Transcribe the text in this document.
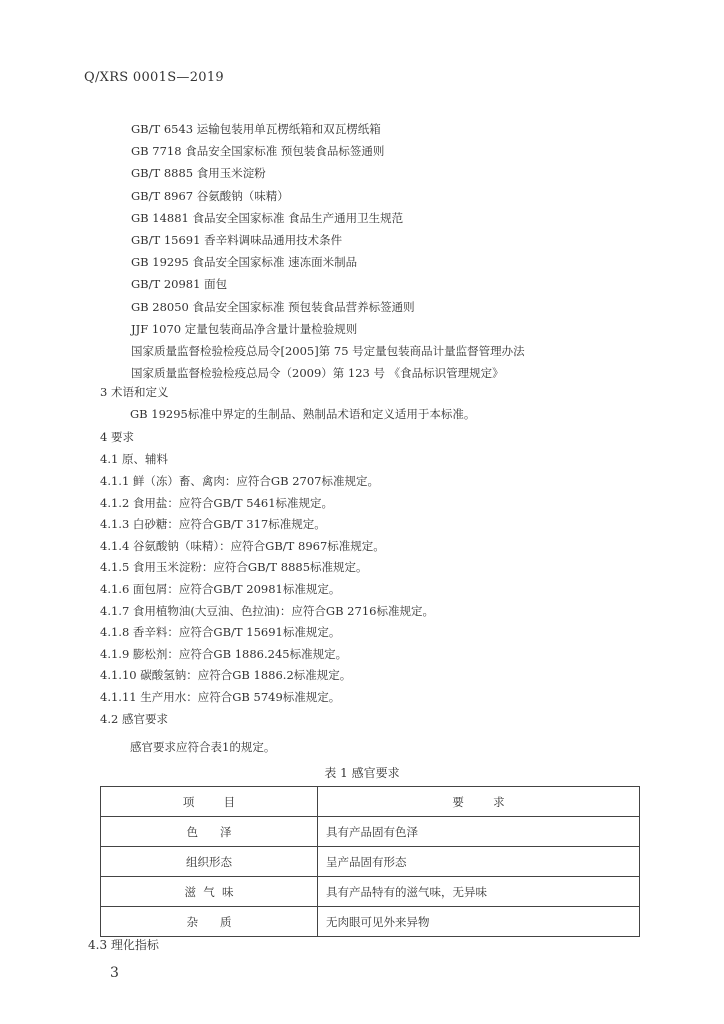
Q/XRS 0001S—2019
GB/T 6543 运输包装用单瓦楞纸箱和双瓦楞纸箱
GB 7718 食品安全国家标准 预包装食品标签通则
GB/T 8885 食用玉米淀粉
GB/T 8967 谷氨酸钠（味精）
GB 14881 食品安全国家标准 食品生产通用卫生规范
GB/T 15691 香辛料调味品通用技术条件
GB 19295 食品安全国家标准 速冻面米制品
GB/T 20981 面包
GB 28050 食品安全国家标准 预包装食品营养标签通则
JJF 1070 定量包装商品净含量计量检验规则
国家质量监督检验检疫总局令[2005]第 75 号定量包装商品计量监督管理办法
国家质量监督检验检疫总局令（2009）第 123 号 《食品标识管理规定》
3 术语和定义
GB 19295标准中界定的生制品、熟制品术语和定义适用于本标准。
4 要求
4.1 原、辅料
4.1.1 鲜（冻）畜、禽肉：应符合GB 2707标准规定。
4.1.2 食用盐：应符合GB/T 5461标准规定。
4.1.3 白砂糖：应符合GB/T 317标准规定。
4.1.4 谷氨酸钠（味精）：应符合GB/T 8967标准规定。
4.1.5 食用玉米淀粉：应符合GB/T 8885标准规定。
4.1.6 面包屑：应符合GB/T 20981标准规定。
4.1.7 食用植物油(大豆油、色拉油)：应符合GB 2716标准规定。
4.1.8 香辛料：应符合GB/T 15691标准规定。
4.1.9 膨松剂：应符合GB 1886.245标准规定。
4.1.10 碳酸氢钠：应符合GB 1886.2标准规定。
4.1.11 生产用水：应符合GB 5749标准规定。
4.2 感官要求
感官要求应符合表1的规定。
表 1 感官要求
项        目	要        求
色      泽	具有产品固有色泽
组织形态	呈产品固有形态
滋  气  味	具有产品特有的滋气味，无异味
杂      质	无肉眼可见外来异物
4.3 理化指标
3
